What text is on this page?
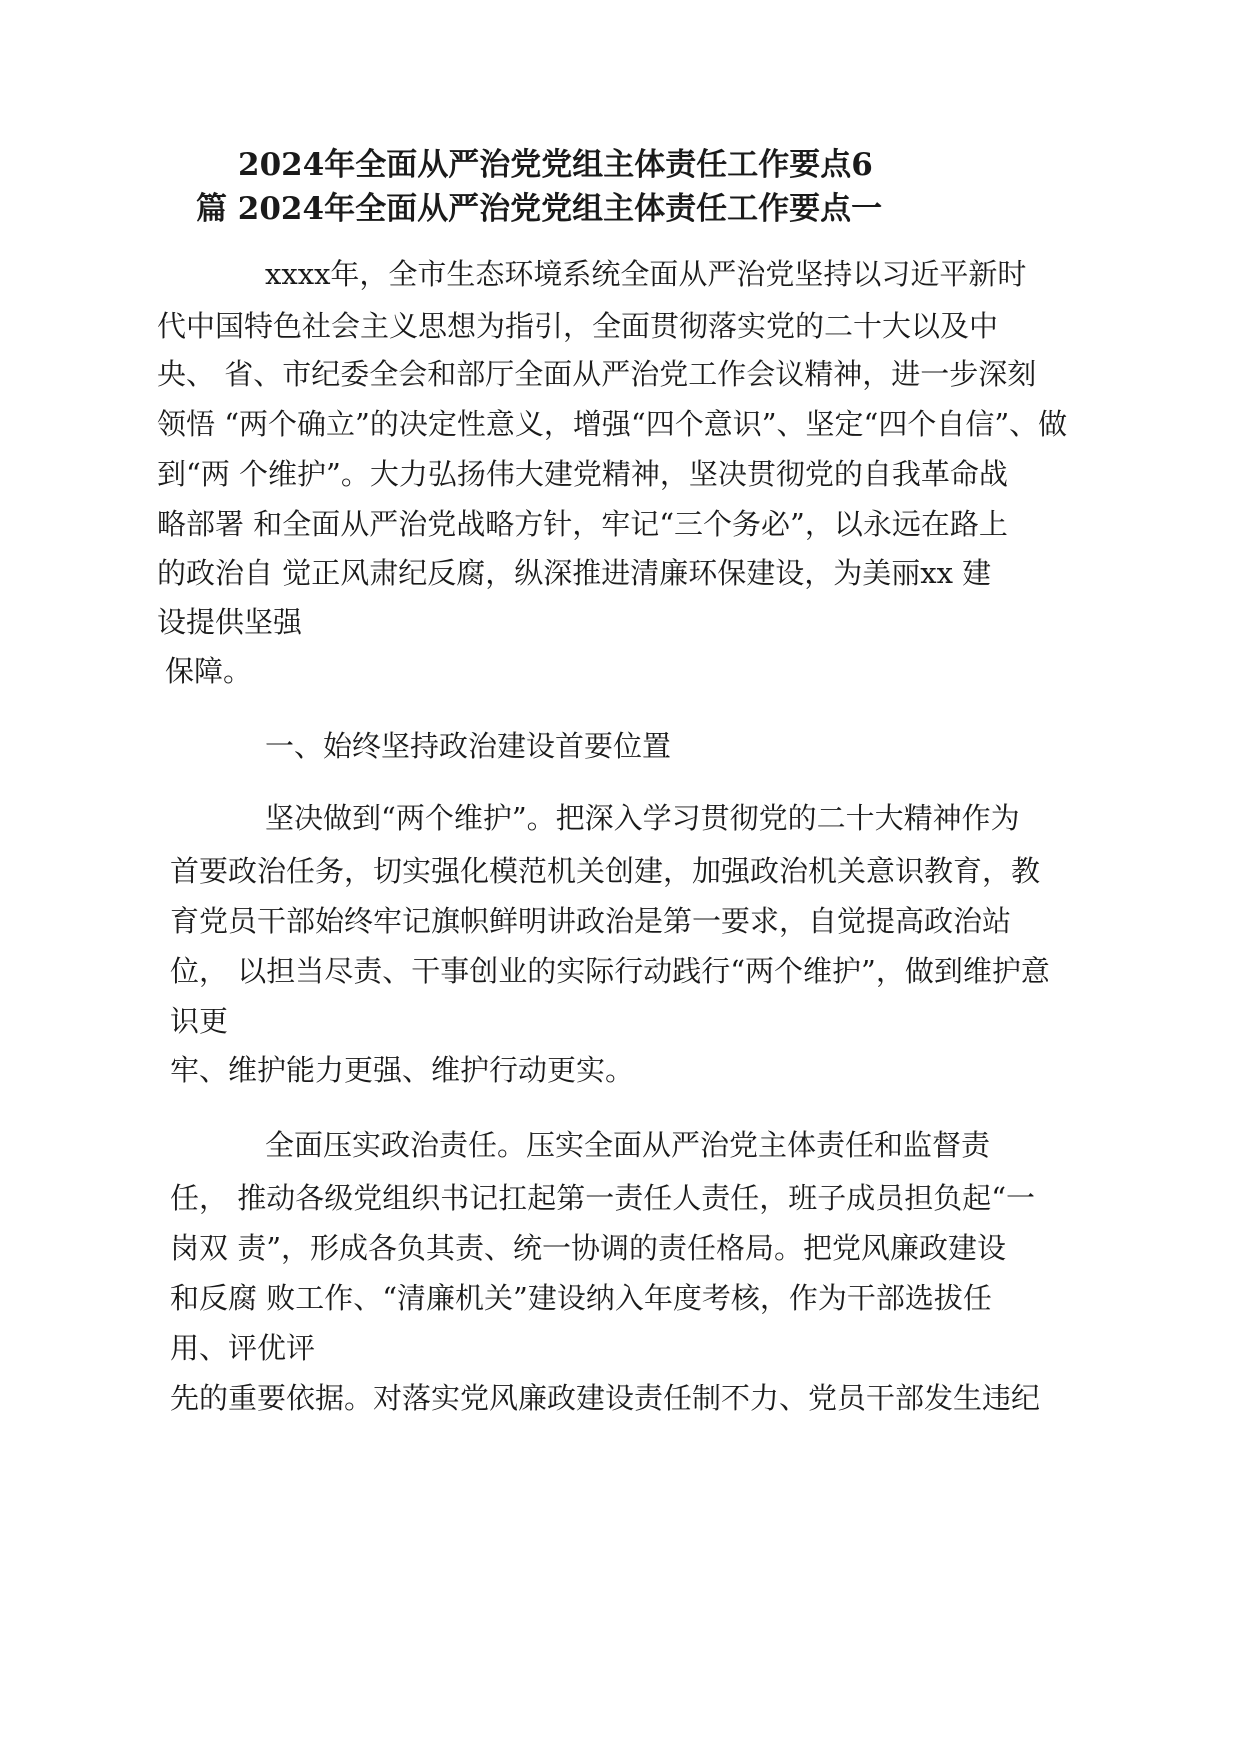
2024年全面从严治党党组主体责任工作要点6
篇 2024年全面从严治党党组主体责任工作要点一

xxxx年，全市生态环境系统全面从严治党坚持以习近平新时

代中国特色社会主义思想为指引，全面贯彻落实党的二十大以及中

央、 省、市纪委全会和部厅全面从严治党工作会议精神，进一步深刻

领悟 “两个确立”的决定性意义，增强“四个意识”、坚定“四个自信”、做

到“两 个维护”。大力弘扬伟大建党精神，坚决贯彻党的自我革命战

略部署 和全面从严治党战略方针，牢记“三个务必”，以永远在路上

的政治自 觉正风肃纪反腐，纵深推进清廉环保建设，为美丽xx 建

设提供坚强

保障。

一、始终坚持政治建设首要位置

坚决做到“两个维护”。把深入学习贯彻党的二十大精神作为

首要政治任务，切实强化模范机关创建，加强政治机关意识教育，教

育党员干部始终牢记旗帜鲜明讲政治是第一要求，自觉提高政治站

位， 以担当尽责、干事创业的实际行动践行“两个维护”，做到维护意

识更

牢、维护能力更强、维护行动更实。

全面压实政治责任。压实全面从严治党主体责任和监督责

任， 推动各级党组织书记扛起第一责任人责任，班子成员担负起“一

岗双 责”，形成各负其责、统一协调的责任格局。把党风廉政建设

和反腐 败工作、“清廉机关”建设纳入年度考核，作为干部选拔任

用、评优评

先的重要依据。对落实党风廉政建设责任制不力、党员干部发生违纪
